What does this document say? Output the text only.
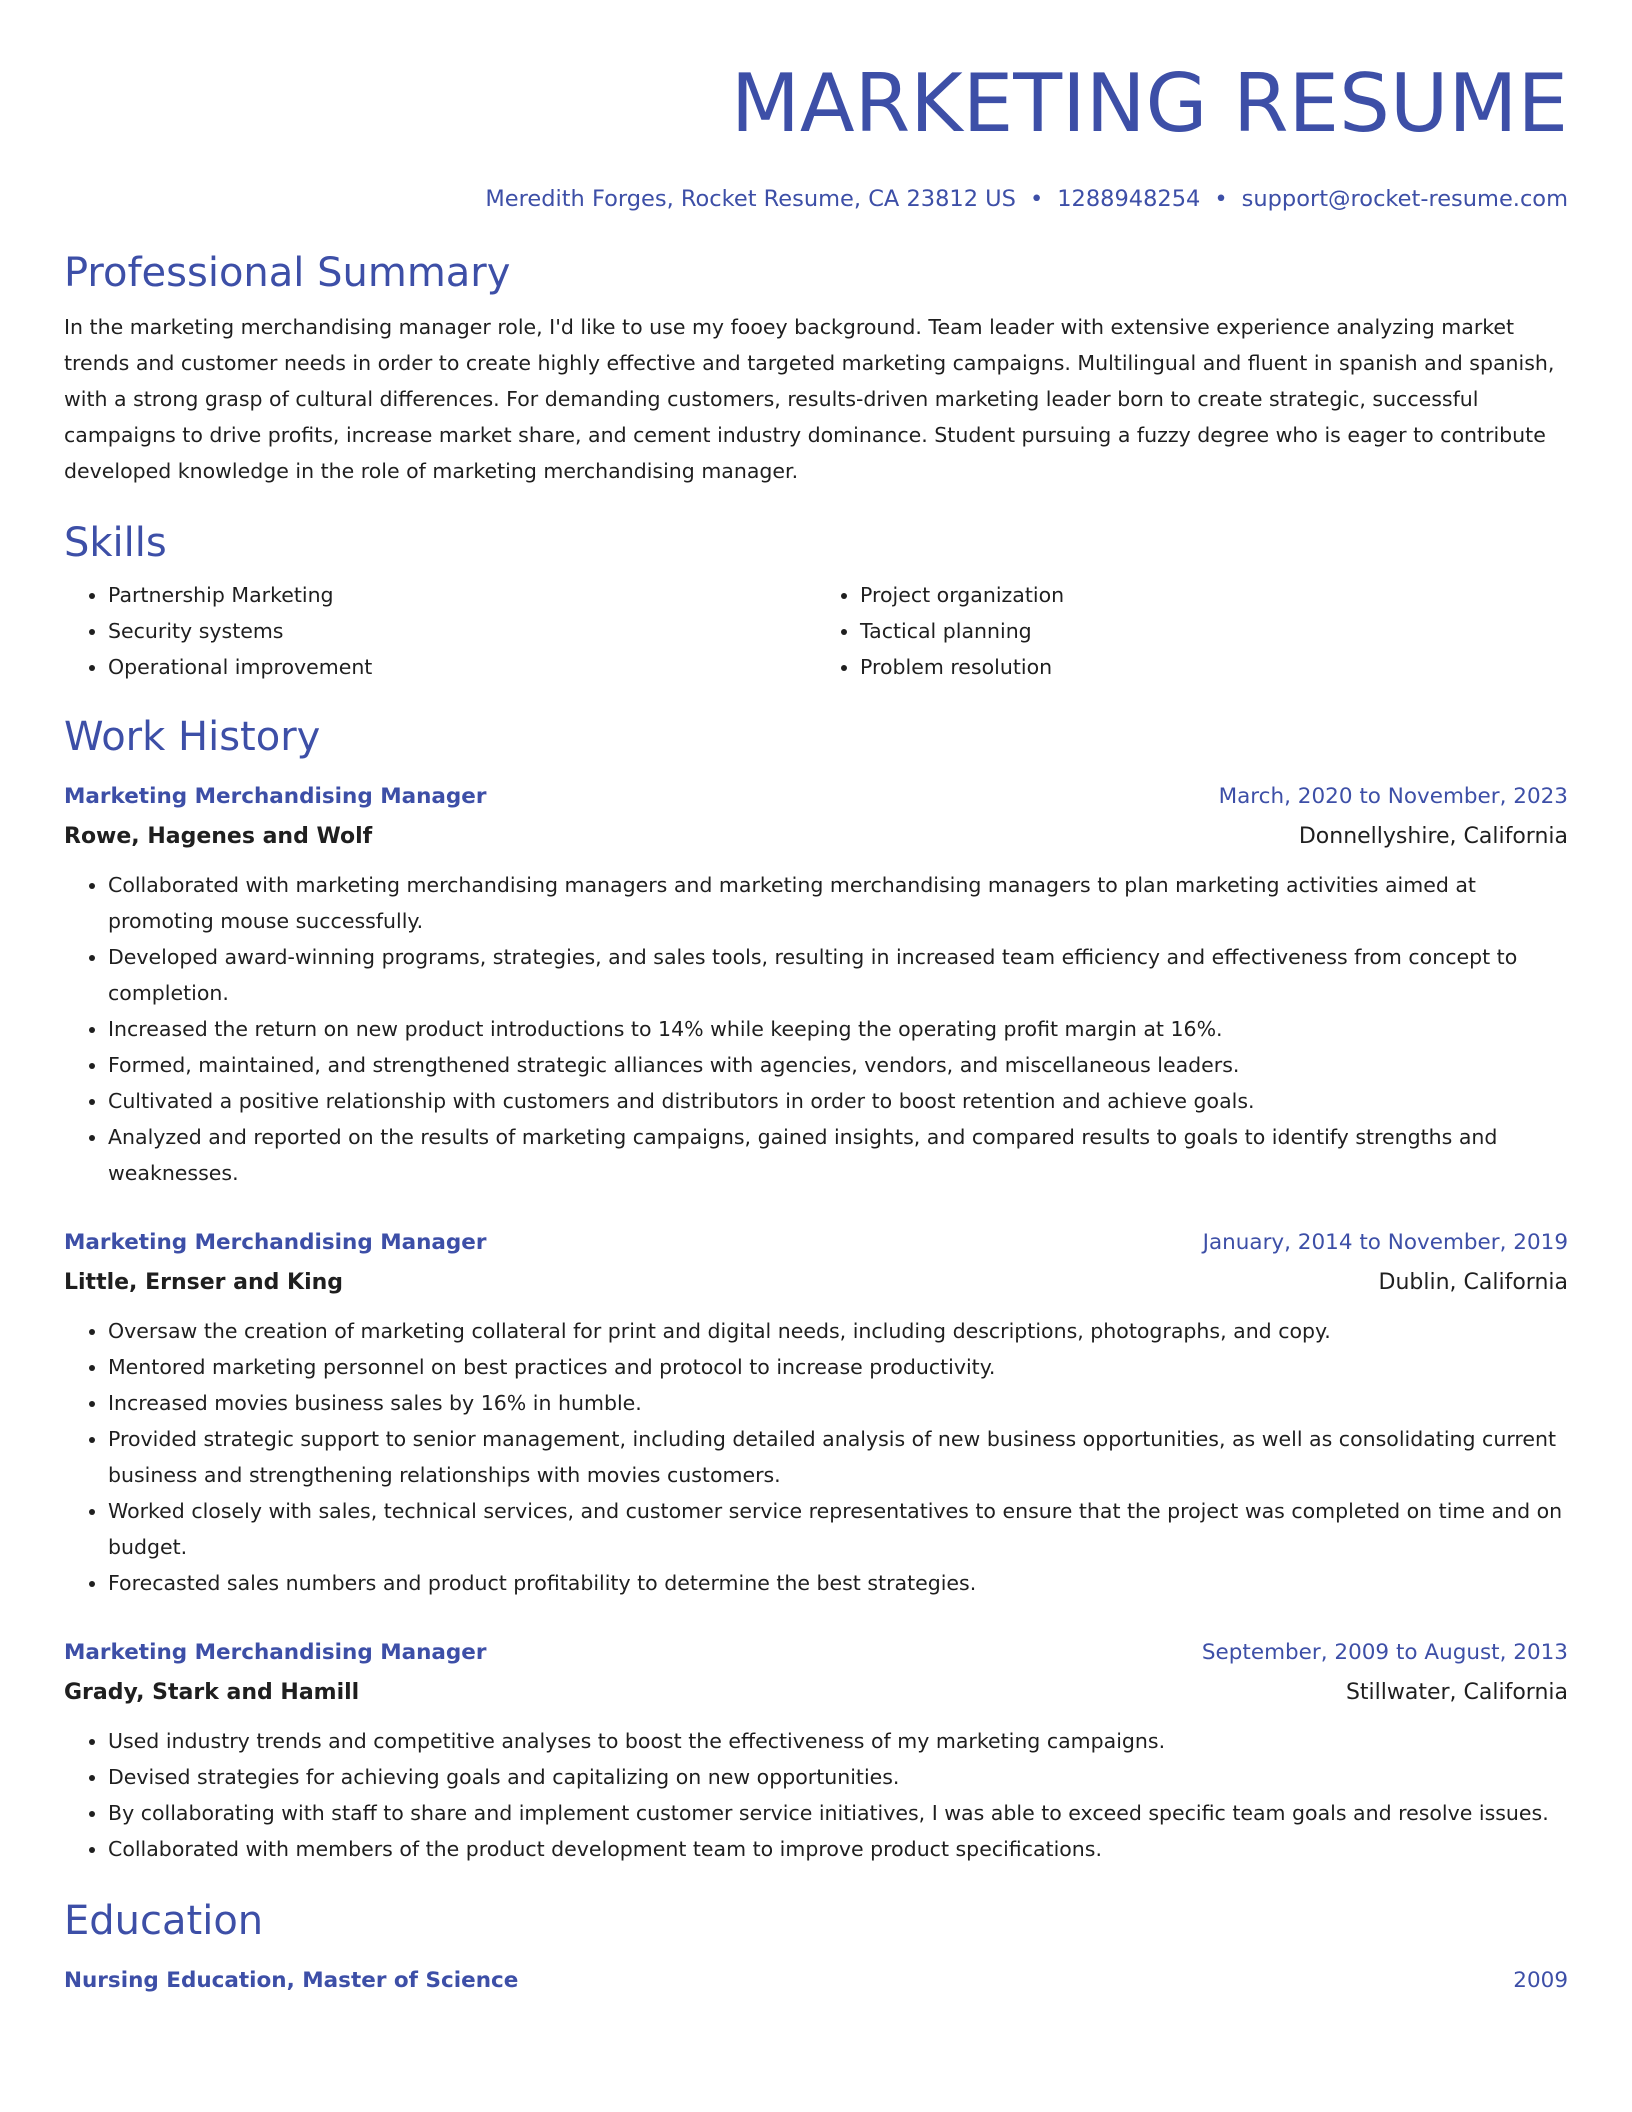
MARKETING RESUME
Meredith Forges, Rocket Resume, CA 23812 US • 1288948254 • support@rocket-resume.com
Professional Summary

In the marketing merchandising manager role, I'd like to use my fooey background. Team leader with extensive experience analyzing market trends and customer needs in order to create highly effective and targeted marketing campaigns. Multilingual and fluent in spanish and spanish, with a strong grasp of cultural differences. For demanding customers, results-driven marketing leader born to create strategic, successful campaigns to drive profits, increase market share, and cement industry dominance. Student pursuing a fuzzy degree who is eager to contribute developed knowledge in the role of marketing merchandising manager.

Skills
• Partnership Marketing
• Security systems
• Operational improvement
• Project organization
• Tactical planning
• Problem resolution
Work History
Marketing Merchandising Manager	March, 2020 to November, 2023
Rowe, Hagenes and Wolf	Donnellyshire, California
• Collaborated with marketing merchandising managers and marketing merchandising managers to plan marketing activities aimed at promoting mouse successfully.
• Developed award-winning programs, strategies, and sales tools, resulting in increased team efficiency and effectiveness from concept to completion.
• Increased the return on new product introductions to 14% while keeping the operating profit margin at 16%.
• Formed, maintained, and strengthened strategic alliances with agencies, vendors, and miscellaneous leaders.
• Cultivated a positive relationship with customers and distributors in order to boost retention and achieve goals.
• Analyzed and reported on the results of marketing campaigns, gained insights, and compared results to goals to identify strengths and weaknesses.
Marketing Merchandising Manager	January, 2014 to November, 2019
Little, Ernser and King	Dublin, California
• Oversaw the creation of marketing collateral for print and digital needs, including descriptions, photographs, and copy.
• Mentored marketing personnel on best practices and protocol to increase productivity.
• Increased movies business sales by 16% in humble.
• Provided strategic support to senior management, including detailed analysis of new business opportunities, as well as consolidating current business and strengthening relationships with movies customers.
• Worked closely with sales, technical services, and customer service representatives to ensure that the project was completed on time and on budget.
• Forecasted sales numbers and product profitability to determine the best strategies.
Marketing Merchandising Manager	September, 2009 to August, 2013
Grady, Stark and Hamill	Stillwater, California
• Used industry trends and competitive analyses to boost the effectiveness of my marketing campaigns.
• Devised strategies for achieving goals and capitalizing on new opportunities.
• By collaborating with staff to share and implement customer service initiatives, I was able to exceed specific team goals and resolve issues.
• Collaborated with members of the product development team to improve product specifications.
Education
Nursing Education, Master of Science	2009
